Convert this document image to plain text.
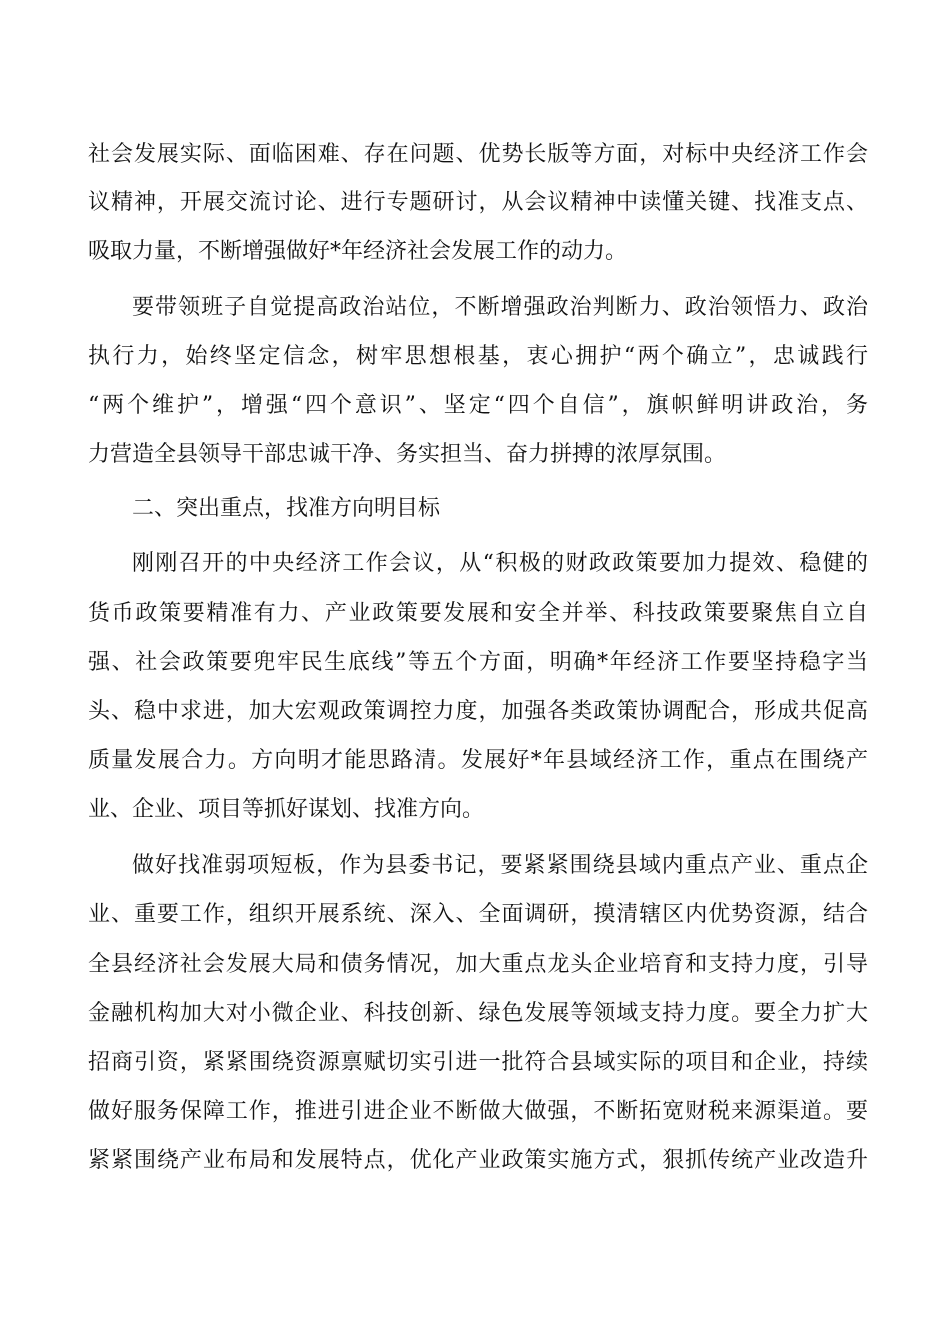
社会发展实际、面临困难、存在问题、优势长版等方面，对标中央经济工作会
议精神，开展交流讨论、进行专题研讨，从会议精神中读懂关键、找准支点、
吸取力量，不断增强做好*年经济社会发展工作的动力。
要带领班子自觉提高政治站位，不断增强政治判断力、政治领悟力、政治
执行力，始终坚定信念，树牢思想根基，衷心拥护“两个确立”，忠诚践行
“两个维护”，增强“四个意识”、坚定“四个自信”，旗帜鲜明讲政治，务
力营造全县领导干部忠诚干净、务实担当、奋力拼搏的浓厚氛围。
二、突出重点，找准方向明目标
刚刚召开的中央经济工作会议，从“积极的财政政策要加力提效、稳健的
货币政策要精准有力、产业政策要发展和安全并举、科技政策要聚焦自立自
强、社会政策要兜牢民生底线”等五个方面，明确*年经济工作要坚持稳字当
头、稳中求进，加大宏观政策调控力度，加强各类政策协调配合，形成共促高
质量发展合力。方向明才能思路清。发展好*年县域经济工作，重点在围绕产
业、企业、项目等抓好谋划、找准方向。
做好找准弱项短板，作为县委书记，要紧紧围绕县域内重点产业、重点企
业、重要工作，组织开展系统、深入、全面调研，摸清辖区内优势资源，结合
全县经济社会发展大局和债务情况，加大重点龙头企业培育和支持力度，引导
金融机构加大对小微企业、科技创新、绿色发展等领域支持力度。要全力扩大
招商引资，紧紧围绕资源禀赋切实引进一批符合县域实际的项目和企业，持续
做好服务保障工作，推进引进企业不断做大做强，不断拓宽财税来源渠道。要
紧紧围绕产业布局和发展特点，优化产业政策实施方式，狠抓传统产业改造升
